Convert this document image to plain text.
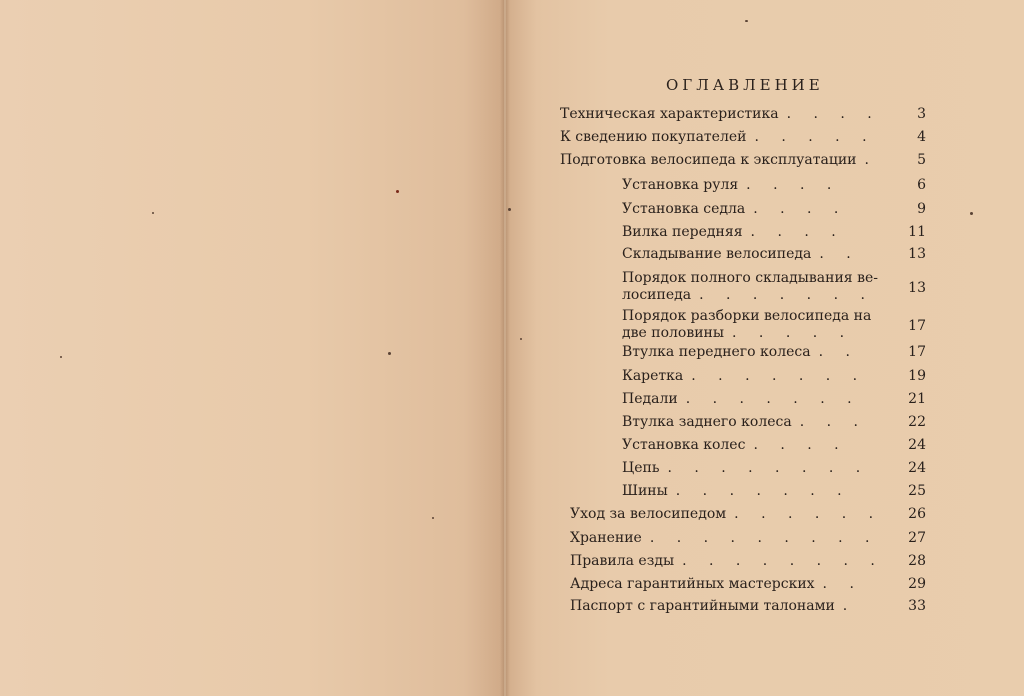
ОГЛАВЛЕНИЕ
Техническая характеристика . . . .	3
К сведению покупателей . . . . .	4
Подготовка велосипеда к эксплуатации .	5
Установка руля . . . .	6
Установка седла . . . .	9
Вилка передняя . . . .	11
Складывание велосипеда . .	13
Порядок полного складывания ве-
лосипеда . . . . . . .	13
Порядок разборки велосипеда на
две половины . . . . .	17
Втулка переднего колеса . .	17
Каретка . . . . . . .	19
Педали . . . . . . .	21
Втулка заднего колеса . . .	22
Установка колес . . . .	24
Цепь . . . . . . . .	24
Шины . . . . . . .	25
Уход за велосипедом . . . . . .	26
Хранение . . . . . . . . .	27
Правила езды . . . . . . . .	28
Адреса гарантийных мастерских . .	29
Паспорт с гарантийными талонами .	33
